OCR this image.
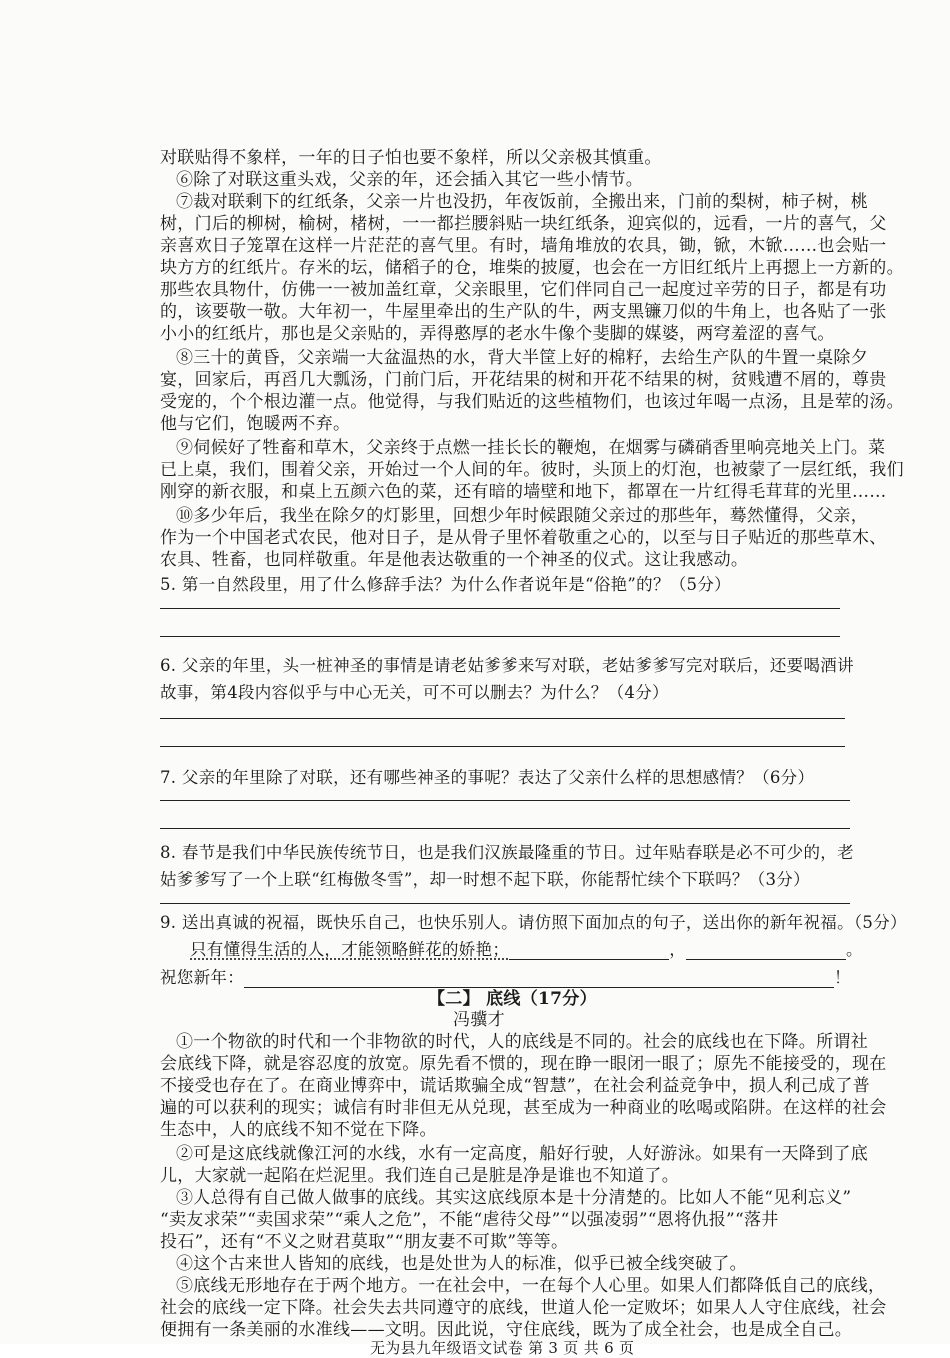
对联贴得不象样，一年的日子怕也要不象样，所以父亲极其慎重。
⑥除了对联这重头戏，父亲的年，还会插入其它一些小情节。
⑦裁对联剩下的红纸条，父亲一片也没扔，年夜饭前，全搬出来，门前的梨树，柿子树，桃
树，门后的柳树，榆树，楮树，一一都拦腰斜贴一块红纸条，迎宾似的，远看，一片的喜气，父
亲喜欢日子笼罩在这样一片茫茫的喜气里。有时，墙角堆放的农具，锄，锨，木锨……也会贴一
块方方的红纸片。存米的坛，储稻子的仓，堆柴的披厦，也会在一方旧红纸片上再摁上一方新的。
那些农具物什，仿佛一一被加盖红章，父亲眼里，它们伴同自己一起度过辛劳的日子，都是有功
的，该要敬一敬。大年初一，牛屋里牵出的生产队的牛，两支黑镰刀似的牛角上，也各贴了一张
小小的红纸片，那也是父亲贴的，弄得憨厚的老水牛像个斐脚的媒婆，两穹羞涩的喜气。
⑧三十的黄昏，父亲端一大盆温热的水，背大半筐上好的棉籽，去给生产队的牛置一桌除夕
宴，回家后，再舀几大瓢汤，门前门后，开花结果的树和开花不结果的树，贫贱遭不屑的，尊贵
受宠的，个个根边灌一点。他觉得，与我们贴近的这些植物们，也该过年喝一点汤，且是荤的汤。
他与它们，饱暖两不弃。
⑨伺候好了牲畜和草木，父亲终于点燃一挂长长的鞭炮，在烟雾与磷硝香里响亮地关上门。菜
已上桌，我们，围着父亲，开始过一个人间的年。彼时，头顶上的灯泡，也被蒙了一层红纸，我们
刚穿的新衣服，和桌上五颜六色的菜，还有暗的墙壁和地下，都罩在一片红得毛茸茸的光里……
⑩多少年后，我坐在除夕的灯影里，回想少年时候跟随父亲过的那些年，蓦然懂得，父亲，
作为一个中国老式农民，他对日子，是从骨子里怀着敬重之心的，以至与日子贴近的那些草木、
农具、牲畜，也同样敬重。年是他表达敬重的一个神圣的仪式。这让我感动。
5. 第一自然段里，用了什么修辞手法？为什么作者说年是“俗艳”的？（5分）
6. 父亲的年里，头一桩神圣的事情是请老姑爹爹来写对联，老姑爹爹写完对联后，还要喝酒讲
故事，第4段内容似乎与中心无关，可不可以删去？为什么？（4分）
7. 父亲的年里除了对联，还有哪些神圣的事呢？表达了父亲什么样的思想感情？（6分）
8. 春节是我们中华民族传统节日，也是我们汉族最隆重的节日。过年贴春联是必不可少的，老
姑爹爹写了一个上联“红梅傲冬雪”，却一时想不起下联，你能帮忙续个下联吗？（3分）
9. 送出真诚的祝福，既快乐自己，也快乐别人。请仿照下面加点的句子，送出你的新年祝福。（5分）
只有懂得生活的人，才能领略鲜花的娇艳；	，	。
祝您新年：	！
【二】 底线（17分）
冯骥才
①一个物欲的时代和一个非物欲的时代，人的底线是不同的。社会的底线也在下降。所谓社
会底线下降，就是容忍度的放宽。原先看不惯的，现在睁一眼闭一眼了；原先不能接受的，现在
不接受也存在了。在商业博弈中，谎话欺骗全成“智慧”，在社会利益竞争中，损人利己成了普
遍的可以获利的现实；诚信有时非但无从兑现，甚至成为一种商业的吆喝或陷阱。在这样的社会
生态中，人的底线不知不觉在下降。
②可是这底线就像江河的水线，水有一定高度，船好行驶，人好游泳。如果有一天降到了底
儿，大家就一起陷在烂泥里。我们连自己是脏是净是谁也不知道了。
③人总得有自己做人做事的底线。其实这底线原本是十分清楚的。比如人不能“见利忘义”
“卖友求荣”“卖国求荣”“乘人之危”，不能“虐待父母”“以强凌弱”“恩将仇报”“落井
投石”，还有“不义之财君莫取”“朋友妻不可欺”等等。
④这个古来世人皆知的底线，也是处世为人的标准，似乎已被全线突破了。
⑤底线无形地存在于两个地方。一在社会中，一在每个人心里。如果人们都降低自己的底线，
社会的底线一定下降。社会失去共同遵守的底线，世道人伦一定败坏；如果人人守住底线，社会
便拥有一条美丽的水准线——文明。因此说，守住底线，既为了成全社会，也是成全自己。
无为县九年级语文试卷 第 3 页 共 6 页
